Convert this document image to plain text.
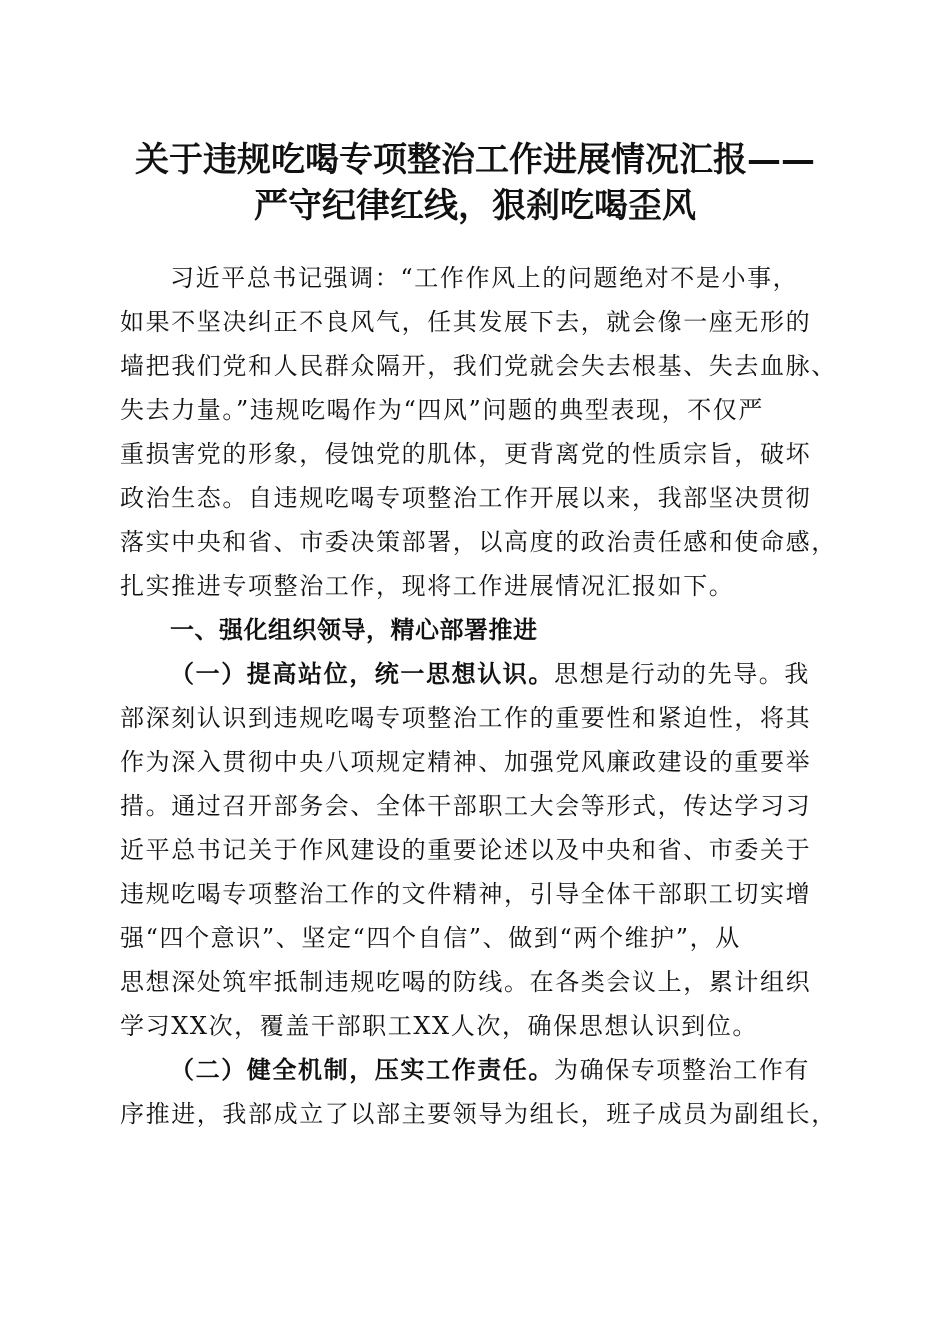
关于违规吃喝专项整治工作进展情况汇报——
严守纪律红线，狠刹吃喝歪风
习近平总书记强调：“工作作风上的问题绝对不是小事，
如果不坚决纠正不良风气，任其发展下去，就会像一座无形的
墙把我们党和人民群众隔开，我们党就会失去根基、失去血脉、
失去力量。”违规吃喝作为“四风”问题的典型表现，不仅严
重损害党的形象，侵蚀党的肌体，更背离党的性质宗旨，破坏
政治生态。自违规吃喝专项整治工作开展以来，我部坚决贯彻
落实中央和省、市委决策部署，以高度的政治责任感和使命感，
扎实推进专项整治工作，现将工作进展情况汇报如下。
一、强化组织领导，精心部署推进
（一）提高站位，统一思想认识。思想是行动的先导。我
部深刻认识到违规吃喝专项整治工作的重要性和紧迫性，将其
作为深入贯彻中央八项规定精神、加强党风廉政建设的重要举
措。通过召开部务会、全体干部职工大会等形式，传达学习习
近平总书记关于作风建设的重要论述以及中央和省、市委关于
违规吃喝专项整治工作的文件精神，引导全体干部职工切实增
强“四个意识”、坚定“四个自信”、做到“两个维护”，从
思想深处筑牢抵制违规吃喝的防线。在各类会议上，累计组织
学习XX次，覆盖干部职工XX人次，确保思想认识到位。
（二）健全机制，压实工作责任。为确保专项整治工作有
序推进，我部成立了以部主要领导为组长，班子成员为副组长，
